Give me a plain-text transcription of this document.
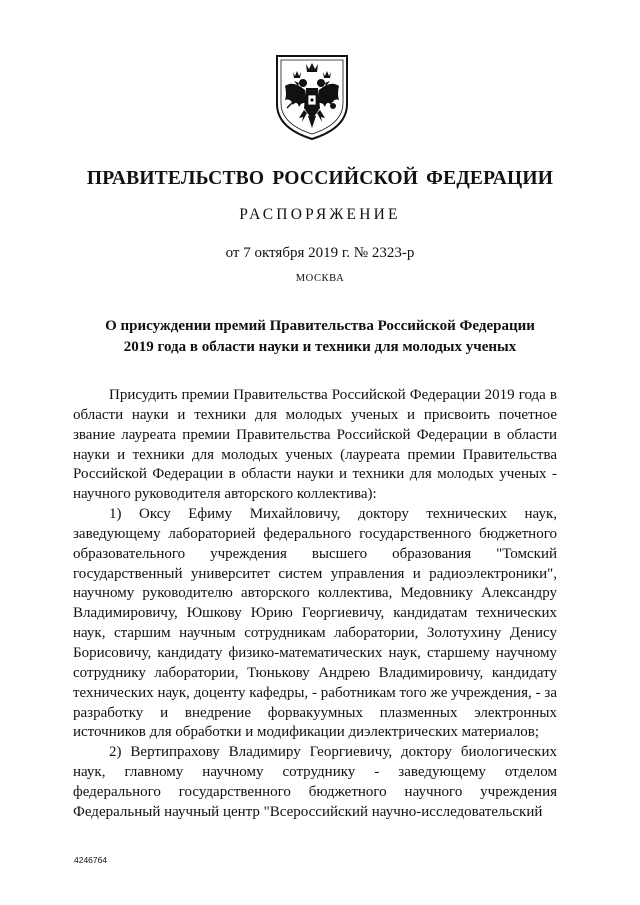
ПРАВИТЕЛЬСТВО РОССИЙСКОЙ ФЕДЕРАЦИИ
РАСПОРЯЖЕНИЕ
от 7 октября 2019 г. № 2323-р
МОСКВА
О присуждении премий Правительства Российской Федерации
2019 года в области науки и техники для молодых ученых

Присудить премии Правительства Российской Федерации 2019 года в области науки и техники для молодых ученых и присвоить почетное звание лауреата премии Правительства Российской Федерации в области науки и техники для молодых ученых (лауреата премии Правительства Российской Федерации в области науки и техники для молодых ученых - научного руководителя авторского коллектива):

1) Оксу Ефиму Михайловичу, доктору технических наук, заведующему лабораторией федерального государственного бюджетного образовательного учреждения высшего образования "Томский государственный университет систем управления и радиоэлектроники", научному руководителю авторского коллектива, Медовнику Александру Владимировичу, Юшкову Юрию Георгиевичу, кандидатам технических наук, старшим научным сотрудникам лаборатории, Золотухину Денису Борисовичу, кандидату физико-математических наук, старшему научному сотруднику лаборатории, Тюнькову Андрею Владимировичу, кандидату технических наук, доценту кафедры, - работникам того же учреждения, - за разработку и внедрение форвакуумных плазменных электронных источников для обработки и модификации диэлектрических материалов;

2) Вертипрахову Владимиру Георгиевичу, доктору биологических наук, главному научному сотруднику - заведующему отделом федерального государственного бюджетного научного учреждения Федеральный научный центр "Всероссийский научно-исследовательский

4246764
